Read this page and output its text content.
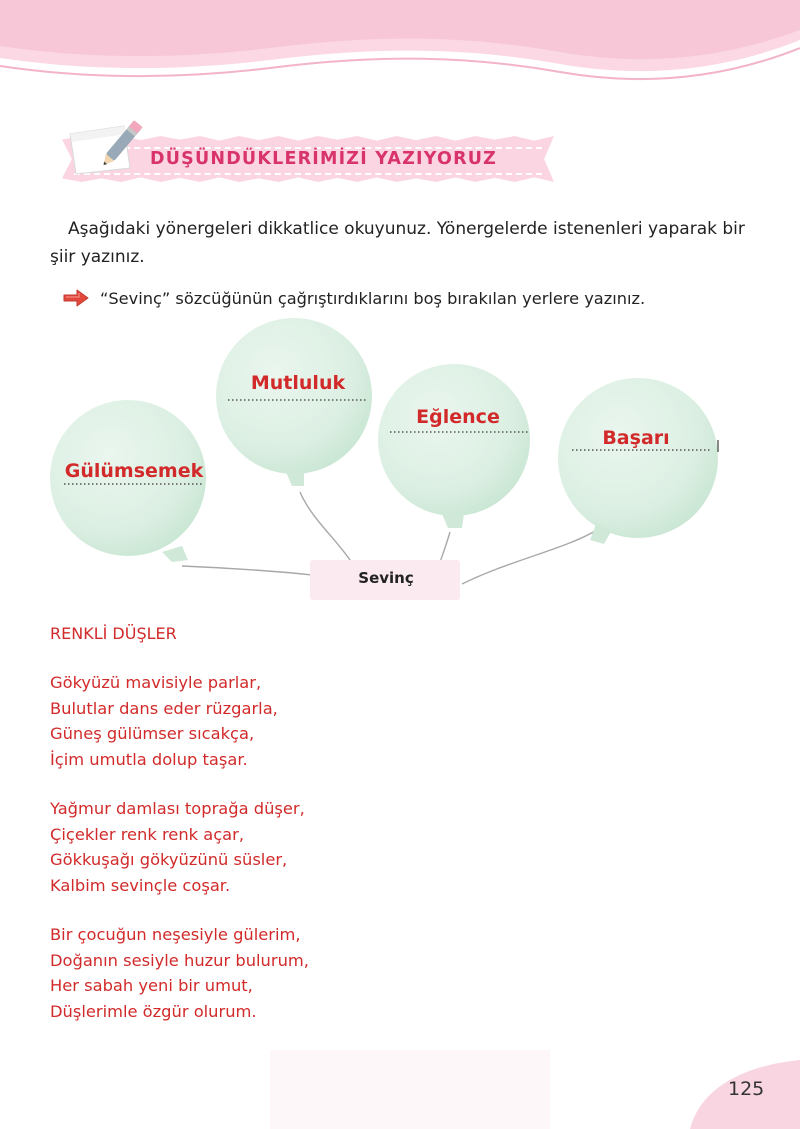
DÜŞÜNDÜKLERİMİZİ YAZIYORUZ
Aşağıdaki yönergeleri dikkatlice okuyunuz. Yönergelerde istenenleri yaparak bir şiir yazınız.
“Sevinç” sözcüğünün çağrıştırdıklarını boş bırakılan yerlere yazınız.
Gülümsemek
Mutluluk
Eğlence
Başarı
Sevinç
RENKLİ DÜŞLER
Gökyüzü mavisiyle parlar,
Bulutlar dans eder rüzgarla,
Güneş gülümser sıcakça,
İçim umutla dolup taşar.
Yağmur damlası toprağa düşer,
Çiçekler renk renk açar,
Gökkuşağı gökyüzünü süsler,
Kalbim sevinçle coşar.
Bir çocuğun neşesiyle gülerim,
Doğanın sesiyle huzur bulurum,
Her sabah yeni bir umut,
Düşlerimle özgür olurum.
125
